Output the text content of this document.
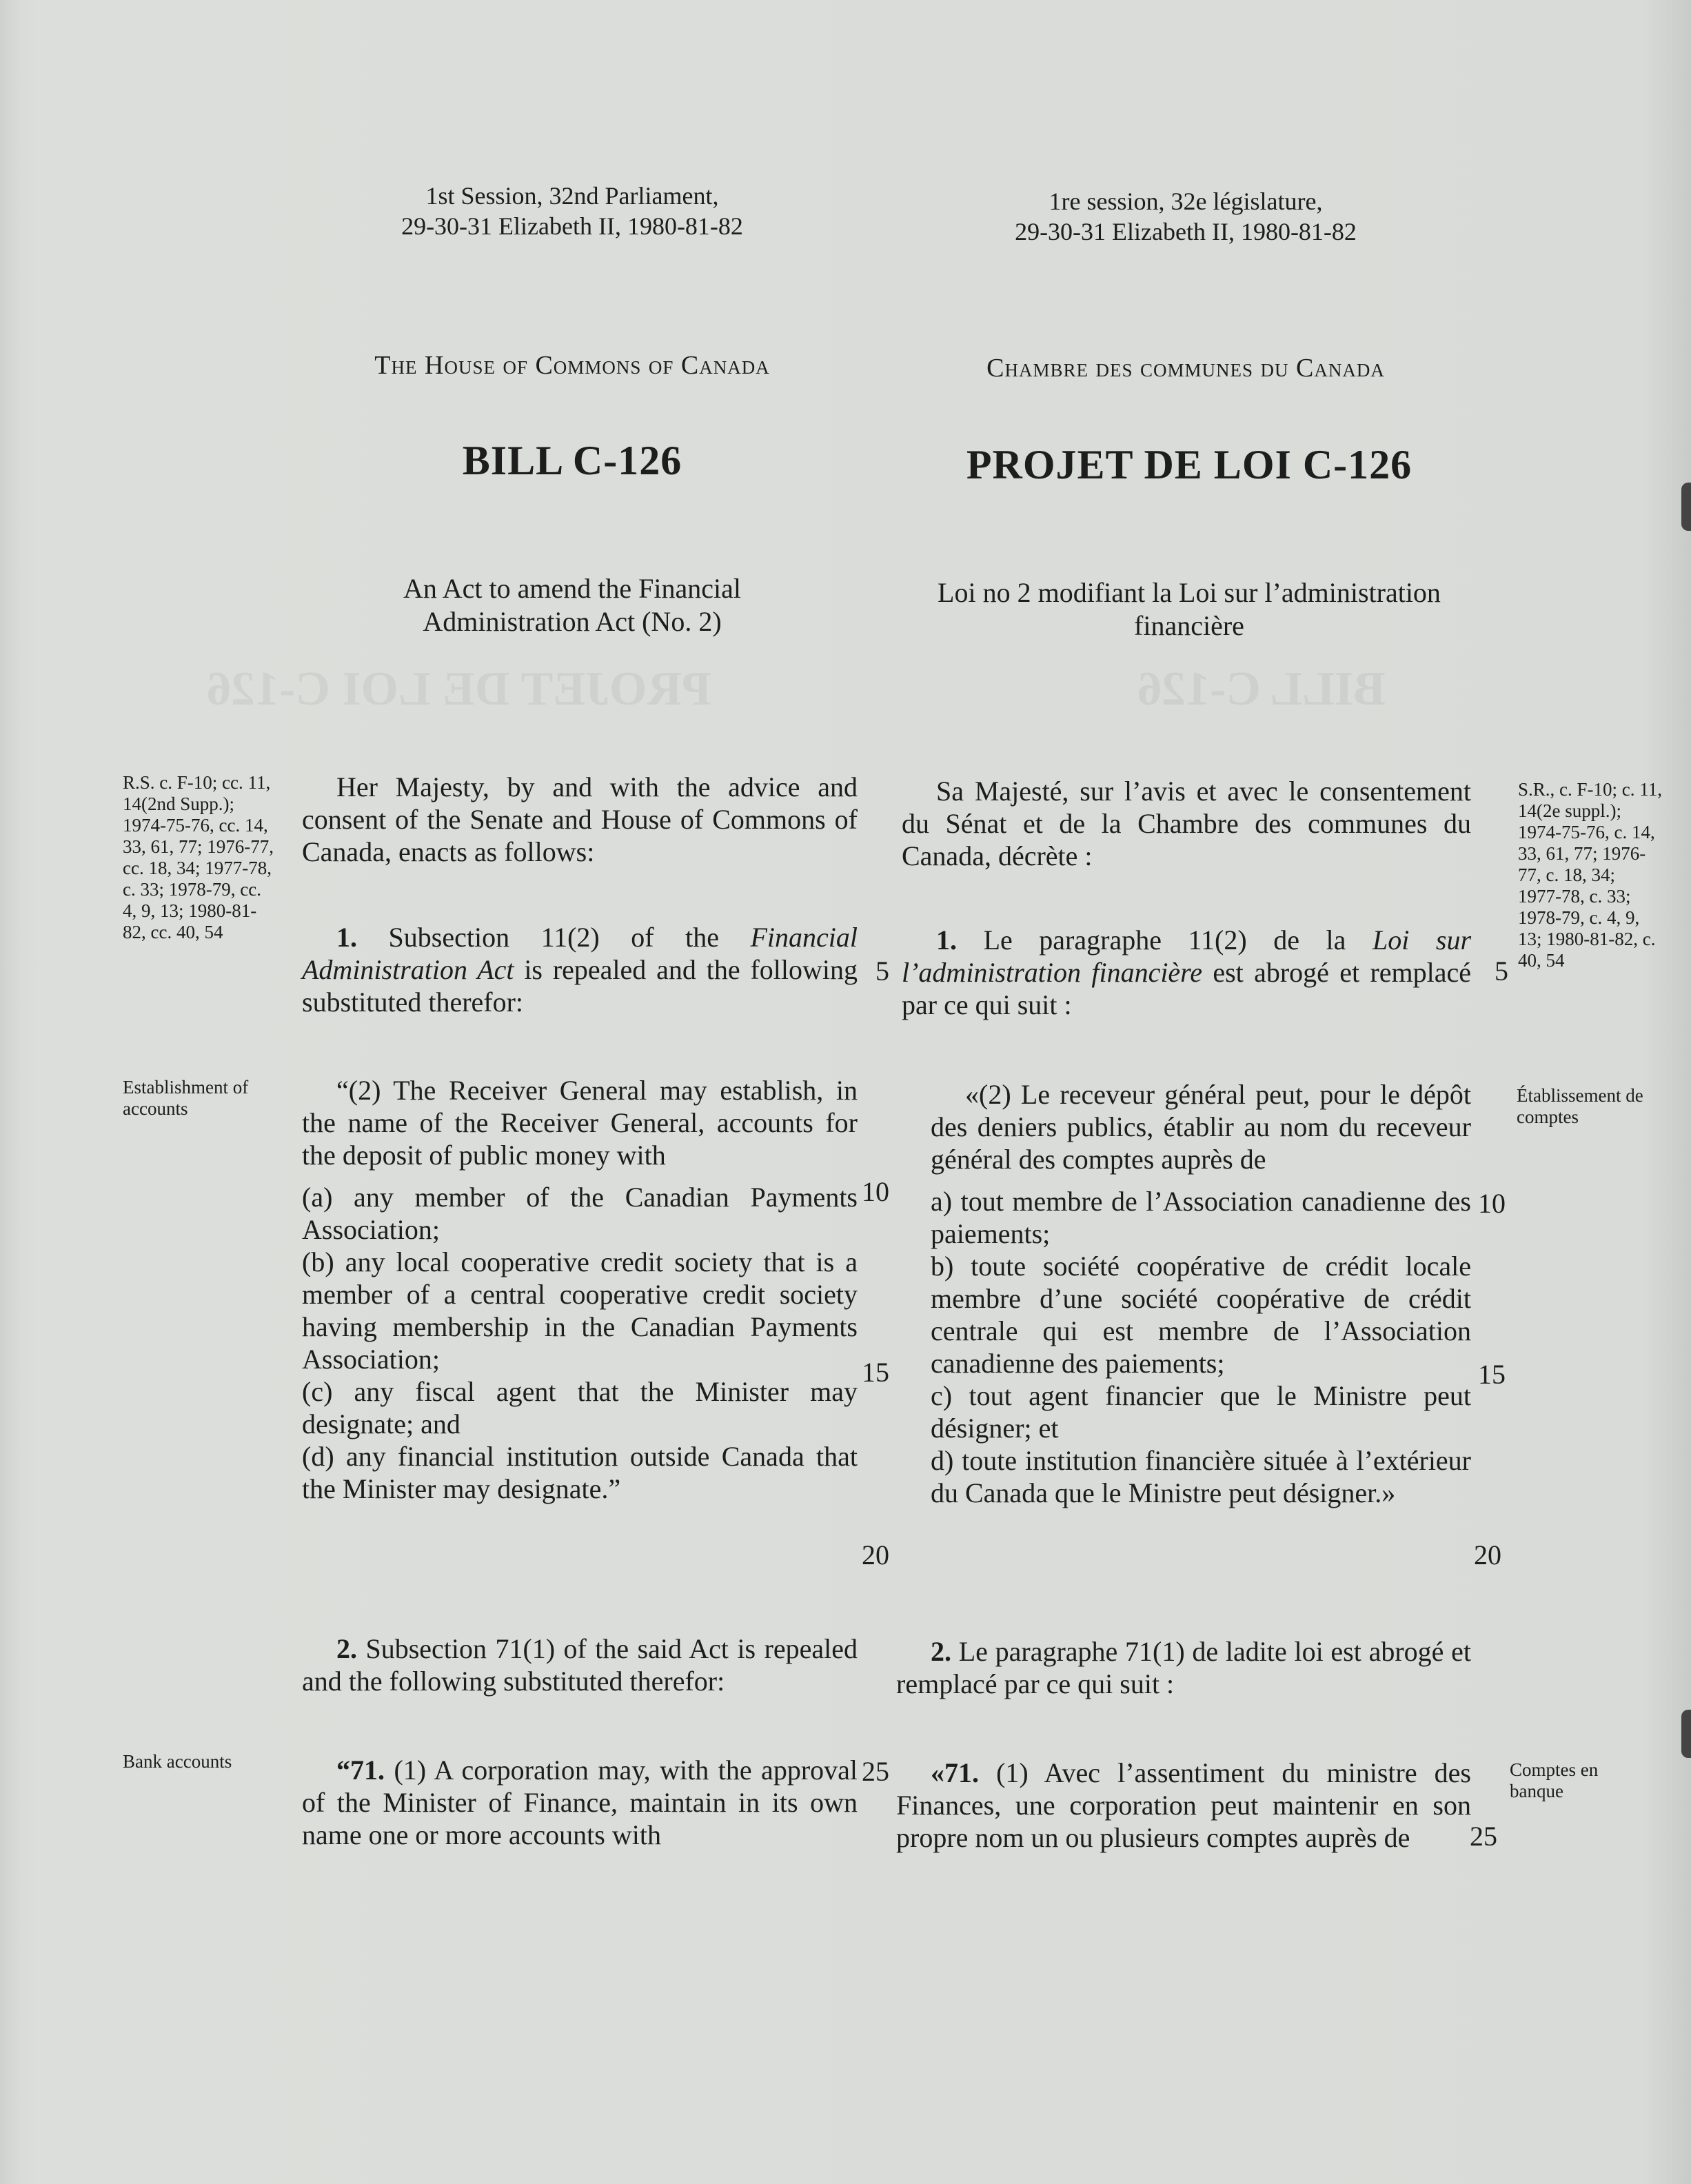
BILL C-126
PROJET DE LOI C-126
1st Session, 32nd Parliament,
29-30-31 Elizabeth II, 1980-81-82
The House of Commons of Canada
BILL C-126
An Act to amend the Financial
Administration Act (No. 2)
R.S. c. F-10; cc. 11, 14(2nd Supp.); 1974-75-76, cc. 14, 33, 61, 77; 1976-77, cc. 18, 34; 1977-78, c. 33; 1978-79, cc. 4, 9, 13; 1980-81-82, cc. 40, 54
Her Majesty, by and with the advice and consent of the Senate and House of Commons of Canada, enacts as follows:
1. Subsection 11(2) of the Financial Administration Act is repealed and the following substituted therefor:
Establishment of accounts

“(2) The Receiver General may establish, in the name of the Receiver General, accounts for the deposit of public money with

(a) any member of the Canadian Payments Association;

(b) any local cooperative credit society that is a member of a central cooperative credit society having membership in the Canadian Payments Association;

(c) any fiscal agent that the Minister may designate; and

(d) any financial institution outside Canada that the Minister may designate.”

2. Subsection 71(1) of the said Act is repealed and the following substituted therefor:
Bank accounts	“71. (1) A corporation may, with the approval of the Minister of Finance, maintain in its own name one or more accounts with
5
10
15
20
25
1re session, 32e législature,
29-30-31 Elizabeth II, 1980-81-82
Chambre des communes du Canada
PROJET DE LOI C-126
Loi no 2 modifiant la Loi sur l’administration
financière
Sa Majesté, sur l’avis et avec le consentement du Sénat et de la Chambre des communes du Canada, décrète :
S.R., c. F-10; c. 11, 14(2e suppl.); 1974-75-76, c. 14, 33, 61, 77; 1976-77, c. 18, 34; 1977-78, c. 33; 1978-79, c. 4, 9, 13; 1980-81-82, c. 40, 54
1. Le paragraphe 11(2) de la Loi sur l’administration financière est abrogé et remplacé par ce qui suit :
5
Établissement de comptes

«(2) Le receveur général peut, pour le dépôt des deniers publics, établir au nom du receveur général des comptes auprès de

a) tout membre de l’Association canadienne des paiements;

b) toute société coopérative de crédit locale membre d’une société coopérative de crédit centrale qui est membre de l’Association canadienne des paiements;

c) tout agent financier que le Ministre peut désigner; et

d) toute institution financière située à l’extérieur du Canada que le Ministre peut désigner.»

10
15
20
2. Le paragraphe 71(1) de ladite loi est abrogé et remplacé par ce qui suit :
Comptes en banque
«71. (1) Avec l’assentiment du ministre des Finances, une corporation peut maintenir en son propre nom un ou plusieurs comptes auprès de	25
